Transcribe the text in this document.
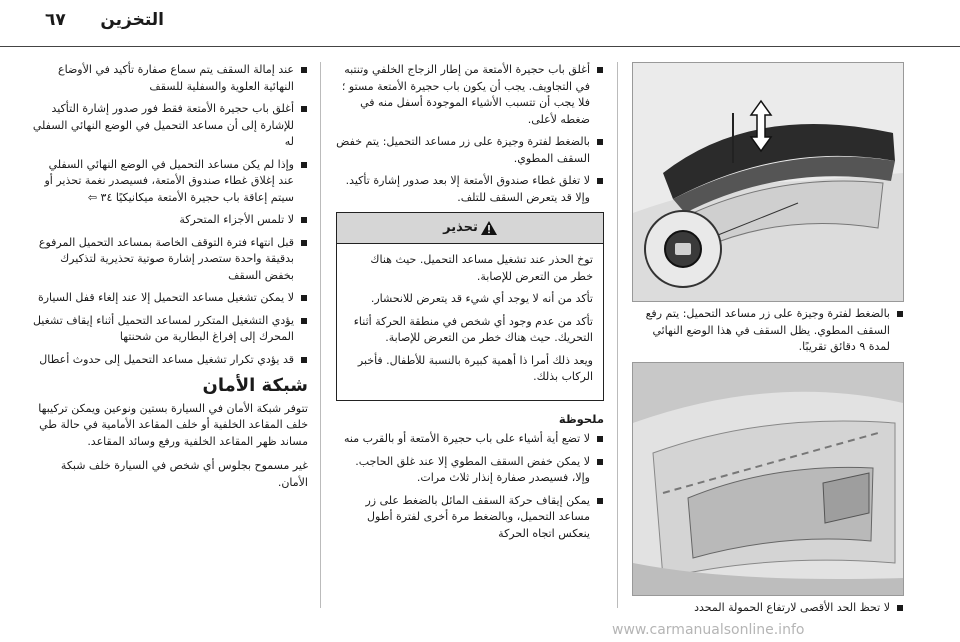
التخزين
٦٧
بالضغط لفترة وجيزة على زر مساعد التحميل: يتم رفع السقف المطوي. يظل السقف في هذا الوضع النهائي لمدة ٩ دقائق تقريبًا.
لا تحظ الحد الأقصى لارتفاع الحمولة المحدد
أغلق باب حجيرة الأمتعة من إطار الزجاج الخلفي وتنتبه في التجاويف. يجب أن يكون باب حجيرة الأمتعة مستو ؛ فلا يجب أن تتسبب الأشياء الموجودة أسفل منه في ضغطه لأعلى.
بالضغط لفترة وجيزة على زر مساعد التحميل: يتم خفض السقف المطوي.
لا تغلق غطاء صندوق الأمتعة إلا بعد صدور إشارة تأكيد. وإلا قد يتعرض السقف للتلف.
تحذير

توخ الحذر عند تشغيل مساعد التحميل. حيث هناك خطر من التعرض للإصابة.

تأكد من أنه لا يوجد أي شيء قد يتعرض للانحشار.

تأكد من عدم وجود أي شخص في منطقة الحركة أثناء التحريك. حيث هناك خطر من التعرض للإصابة.

ويعد ذلك أمرا ذا أهمية كبيرة بالنسبة للأطفال. فأخبر الركاب بذلك.

ملحوظة
لا تضع أية أشياء على باب حجيرة الأمتعة أو بالقرب منه
لا يمكن خفض السقف المطوي إلا عند غلق الحاجب. وإلا، فسيصدر صفارة إنذار ثلاث مرات.
يمكن إيقاف حركة السقف المائل بالضغط على زر مساعد التحميل، وبالضغط مرة أخرى لفترة أطول ينعكس اتجاه الحركة
عند إمالة السقف يتم سماع صفارة تأكيد في الأوضاع النهائية العلوية والسفلية للسقف
أغلق باب حجيرة الأمتعة فقط فور صدور إشارة التأكيد للإشارة إلى أن مساعد التحميل في الوضع النهائي السفلي له
وإذا لم يكن مساعد التحميل في الوضع النهائي السفلي عند إغلاق غطاء صندوق الأمتعة، فسيصدر نغمة تحذير أو سيتم إعاقة باب حجيرة الأمتعة ميكانيكيًا ٣٤ ⇦
لا تلمس الأجزاء المتحركة
قبل انتهاء فترة التوقف الخاصة بمساعد التحميل المرفوع بدقيقة واحدة ستصدر إشارة صوتية تحذيرية لتذكيرك بخفض السقف
لا يمكن تشغيل مساعد التحميل إلا عند إلغاء قفل السيارة
يؤدي التشغيل المتكرر لمساعد التحميل أثناء إيقاف تشغيل المحرك إلى إفراغ البطارية من شحنتها
قد يؤدي تكرار تشغيل مساعد التحميل إلى حدوث أعطال
شبكة الأمان

تتوفر شبكة الأمان في السيارة بستين ونوعين ويمكن تركيبها خلف المقاعد الخلفية أو خلف المقاعد الأمامية في حالة طي مساند ظهر المقاعد الخلفية ورفع وسائد المقاعد.

غير مسموح بجلوس أي شخص في السيارة خلف شبكة الأمان.

www.carmanualsonline.info
